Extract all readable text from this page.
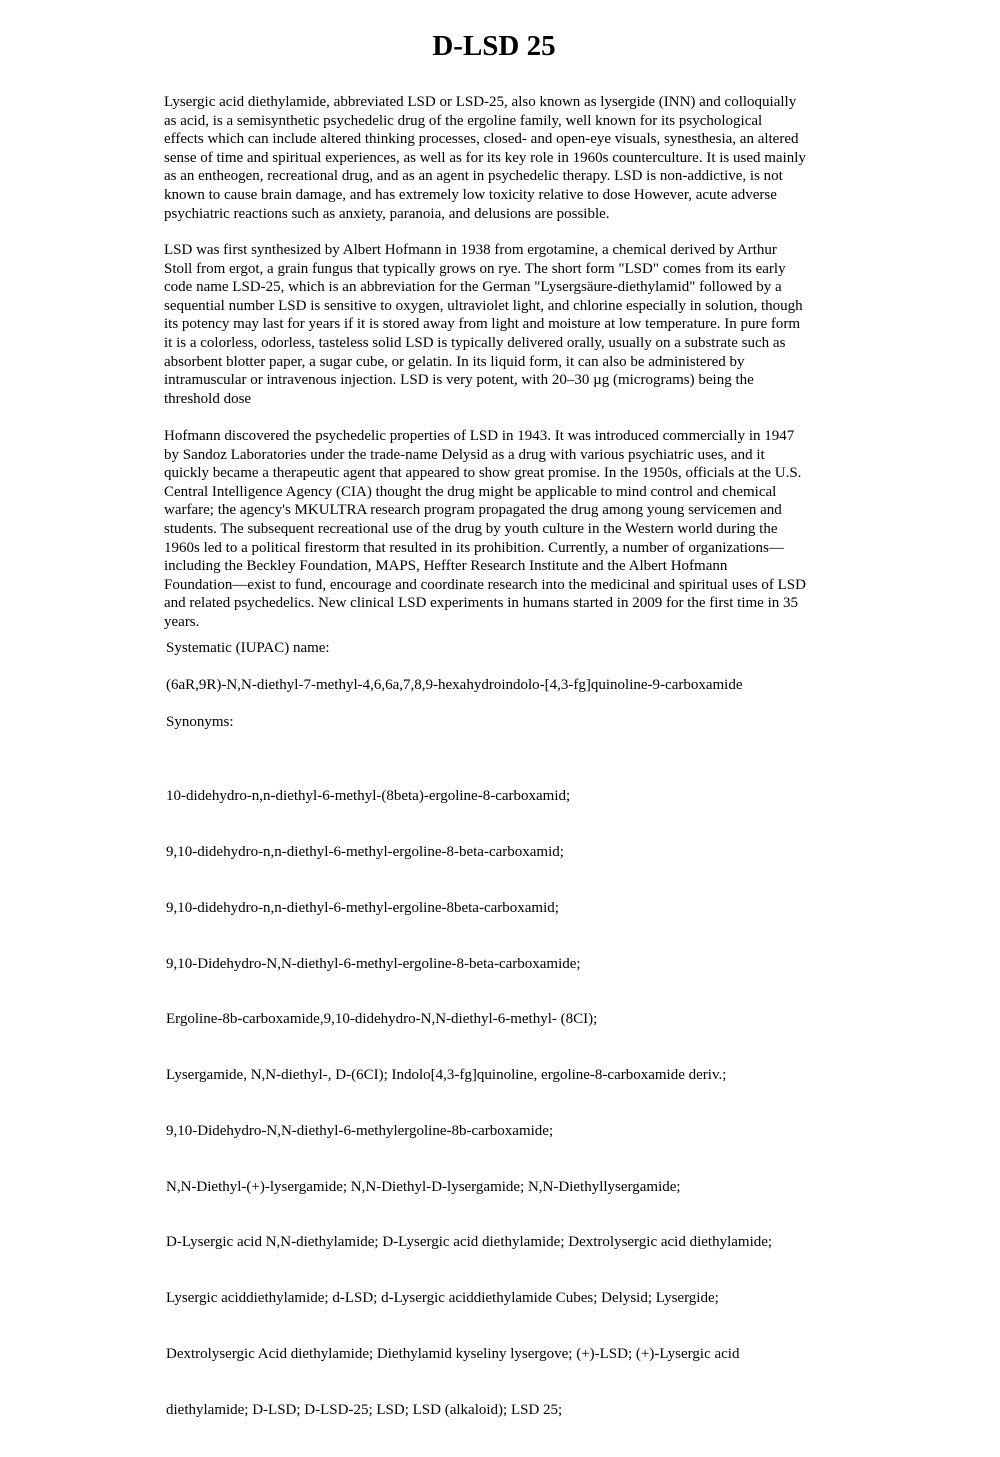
D-LSD 25
Lysergic acid diethylamide, abbreviated LSD or LSD-25, also known as lysergide (INN) and colloquially
as acid, is a semisynthetic psychedelic drug of the ergoline family, well known for its psychological
effects which can include altered thinking processes, closed- and open-eye visuals, synesthesia, an altered
sense of time and spiritual experiences, as well as for its key role in 1960s counterculture. It is used mainly
as an entheogen, recreational drug, and as an agent in psychedelic therapy. LSD is non-addictive, is not
known to cause brain damage, and has extremely low toxicity relative to dose However, acute adverse
psychiatric reactions such as anxiety, paranoia, and delusions are possible.
LSD was first synthesized by Albert Hofmann in 1938 from ergotamine, a chemical derived by Arthur
Stoll from ergot, a grain fungus that typically grows on rye. The short form "LSD" comes from its early
code name LSD-25, which is an abbreviation for the German "Lysergsäure-diethylamid" followed by a
sequential number LSD is sensitive to oxygen, ultraviolet light, and chlorine especially in solution, though
its potency may last for years if it is stored away from light and moisture at low temperature. In pure form
it is a colorless, odorless, tasteless solid LSD is typically delivered orally, usually on a substrate such as
absorbent blotter paper, a sugar cube, or gelatin. In its liquid form, it can also be administered by
intramuscular or intravenous injection. LSD is very potent, with 20–30 µg (micrograms) being the
threshold dose
Hofmann discovered the psychedelic properties of LSD in 1943. It was introduced commercially in 1947
by Sandoz Laboratories under the trade-name Delysid as a drug with various psychiatric uses, and it
quickly became a therapeutic agent that appeared to show great promise. In the 1950s, officials at the U.S.
Central Intelligence Agency (CIA) thought the drug might be applicable to mind control and chemical
warfare; the agency's MKULTRA research program propagated the drug among young servicemen and
students. The subsequent recreational use of the drug by youth culture in the Western world during the
1960s led to a political firestorm that resulted in its prohibition. Currently, a number of organizations—
including the Beckley Foundation, MAPS, Heffter Research Institute and the Albert Hofmann
Foundation—exist to fund, encourage and coordinate research into the medicinal and spiritual uses of LSD
and related psychedelics. New clinical LSD experiments in humans started in 2009 for the first time in 35
years.

Systematic (IUPAC) name:

(6aR,9R)-N,N-diethyl-7-methyl-4,6,6a,7,8,9-hexahydroindolo-[4,3-fg]quinoline-9-carboxamide

Synonyms:

10-didehydro-n,n-diethyl-6-methyl-(8beta)-ergoline-8-carboxamid;

9,10-didehydro-n,n-diethyl-6-methyl-ergoline-8-beta-carboxamid;

9,10-didehydro-n,n-diethyl-6-methyl-ergoline-8beta-carboxamid;

9,10-Didehydro-N,N-diethyl-6-methyl-ergoline-8-beta-carboxamide;

Ergoline-8b-carboxamide,9,10-didehydro-N,N-diethyl-6-methyl- (8CI);

Lysergamide, N,N-diethyl-, D-(6CI); Indolo[4,3-fg]quinoline, ergoline-8-carboxamide deriv.;

9,10-Didehydro-N,N-diethyl-6-methylergoline-8b-carboxamide;

N,N-Diethyl-(+)-lysergamide; N,N-Diethyl-D-lysergamide; N,N-Diethyllysergamide;

D-Lysergic acid N,N-diethylamide; D-Lysergic acid diethylamide; Dextrolysergic acid diethylamide;

Lysergic aciddiethylamide; d-LSD; d-Lysergic aciddiethylamide Cubes; Delysid; Lysergide;

Dextrolysergic Acid diethylamide; Diethylamid kyseliny lysergove; (+)-LSD; (+)-Lysergic acid

diethylamide; D-LSD; D-LSD-25; LSD; LSD (alkaloid); LSD 25;
